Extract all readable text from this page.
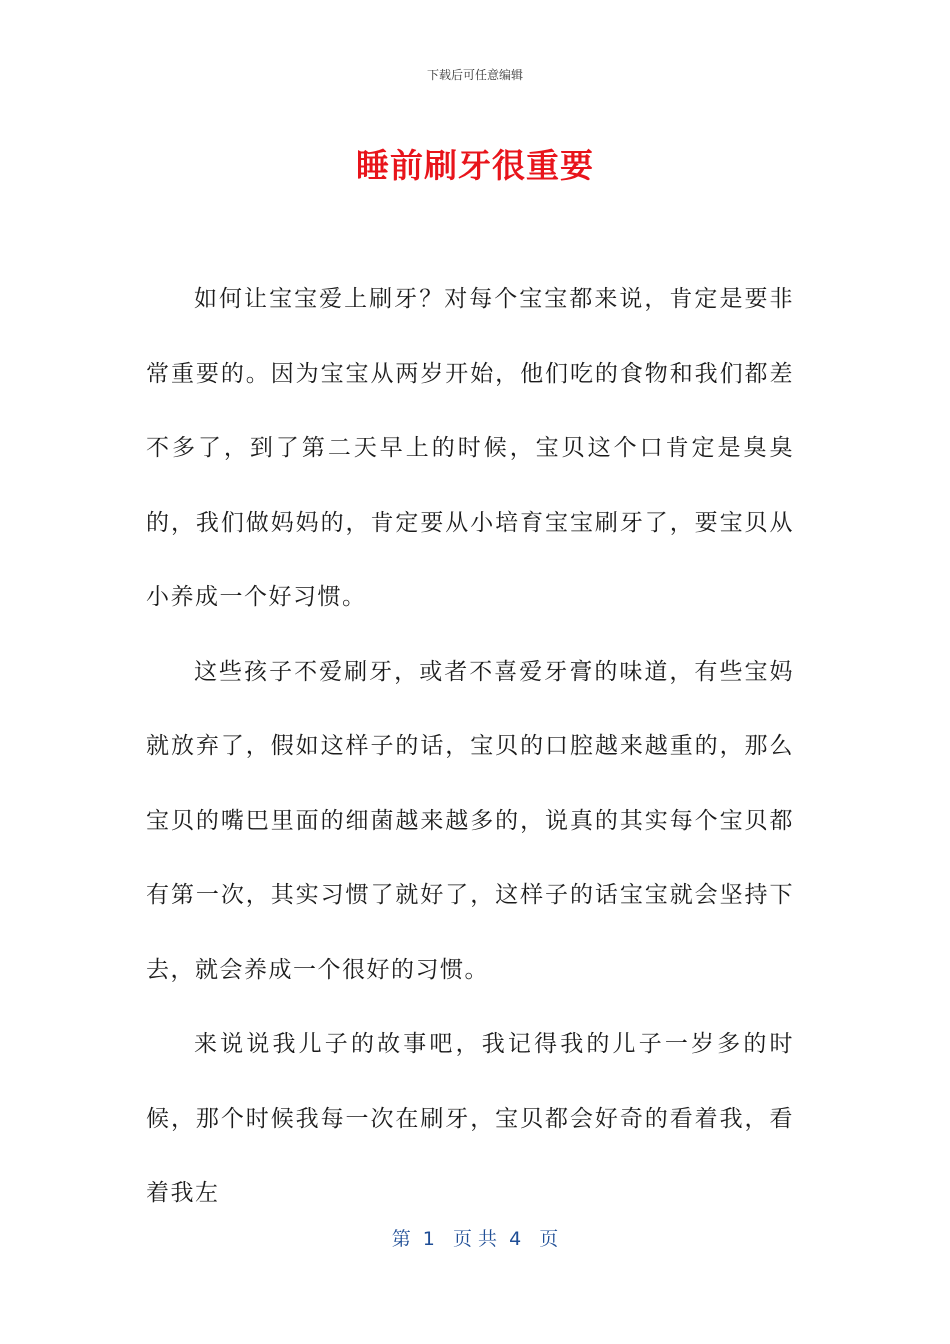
下载后可任意编辑
睡前刷牙很重要

如何让宝宝爱上刷牙？对每个宝宝都来说，肯定是要非常重要的。因为宝宝从两岁开始，他们吃的食物和我们都差不多了，到了第二天早上的时候，宝贝这个口肯定是臭臭的，我们做妈妈的，肯定要从小培育宝宝刷牙了，要宝贝从小养成一个好习惯。

这些孩子不爱刷牙，或者不喜爱牙膏的味道，有些宝妈就放弃了，假如这样子的话，宝贝的口腔越来越重的，那么宝贝的嘴巴里面的细菌越来越多的，说真的其实每个宝贝都有第一次，其实习惯了就好了，这样子的话宝宝就会坚持下去，就会养成一个很好的习惯。

来说说我儿子的故事吧，我记得我的儿子一岁多的时候，那个时候我每一次在刷牙，宝贝都会好奇的看着我，看着我左

第  1   页 共  4   页
